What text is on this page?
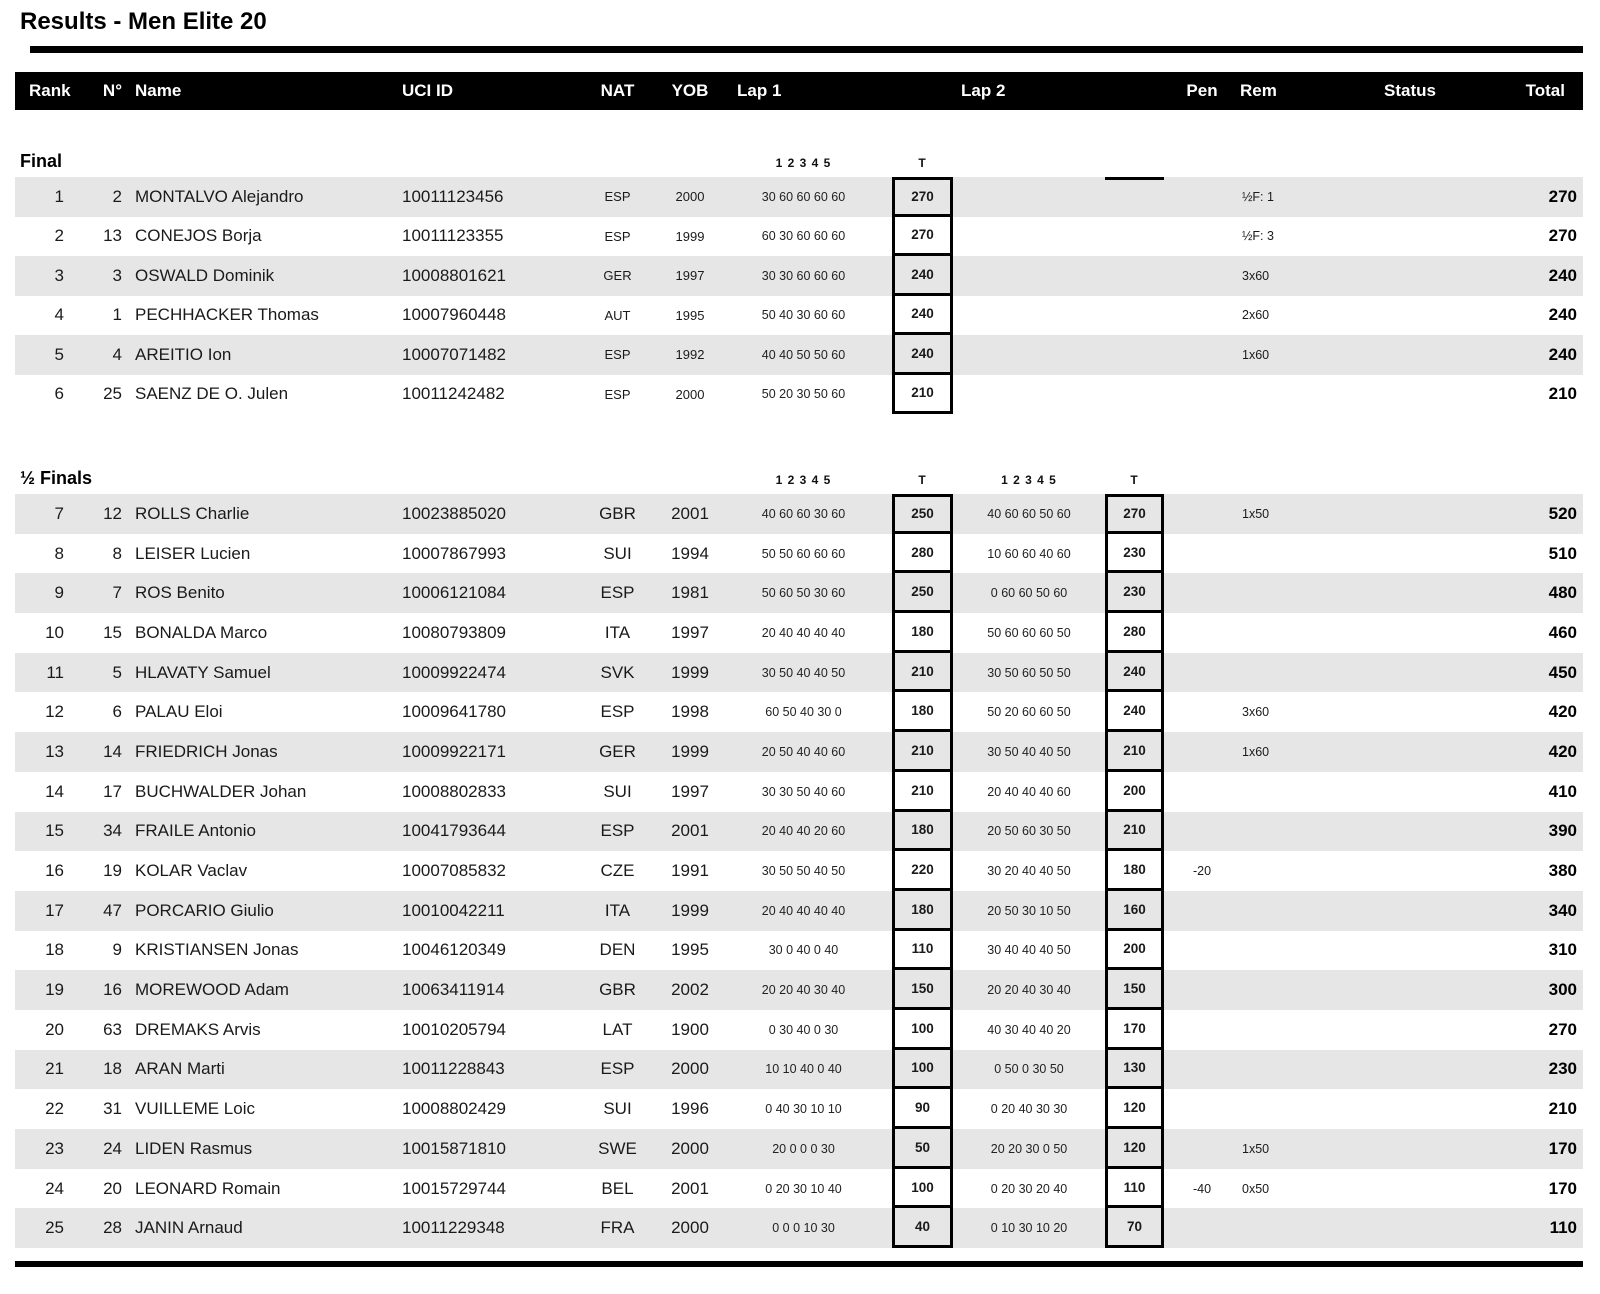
Results - Men Elite 20
Rank	N° Name	UCI ID	NAT	YOB	Lap 1	Lap 2	Pen	Rem	Status	Total
Final	1 2 3 4 5	T
1	2 MONTALVO Alejandro	10011123456	ESP	2000	30 60 60 60 60	270	½F: 1	270
2	13 CONEJOS Borja	10011123355	ESP	1999	60 30 60 60 60	270	½F: 3	270
3	3 OSWALD Dominik	10008801621	GER	1997	30 30 60 60 60	240	3x60	240
4	1 PECHHACKER Thomas	10007960448	AUT	1995	50 40 30 60 60	240	2x60	240
5	4 AREITIO Ion	10007071482	ESP	1992	40 40 50 50 60	240	1x60	240
6	25 SAENZ DE O. Julen	10011242482	ESP	2000	50 20 30 50 60	210	210
½ Finals	1 2 3 4 5	T	1 2 3 4 5	T
7	12 ROLLS Charlie	10023885020	GBR	2001	40 60 60 30 60	250	40 60 60 50 60	270	1x50	520
8	8 LEISER Lucien	10007867993	SUI	1994	50 50 60 60 60	280	10 60 60 40 60	230	510
9	7 ROS Benito	10006121084	ESP	1981	50 60 50 30 60	250	0 60 60 50 60	230	480
10	15 BONALDA Marco	10080793809	ITA	1997	20 40 40 40 40	180	50 60 60 60 50	280	460
11	5 HLAVATY Samuel	10009922474	SVK	1999	30 50 40 40 50	210	30 50 60 50 50	240	450
12	6 PALAU Eloi	10009641780	ESP	1998	60 50 40 30 0	180	50 20 60 60 50	240	3x60	420
13	14 FRIEDRICH Jonas	10009922171	GER	1999	20 50 40 40 60	210	30 50 40 40 50	210	1x60	420
14	17 BUCHWALDER Johan	10008802833	SUI	1997	30 30 50 40 60	210	20 40 40 40 60	200	410
15	34 FRAILE Antonio	10041793644	ESP	2001	20 40 40 20 60	180	20 50 60 30 50	210	390
16	19 KOLAR Vaclav	10007085832	CZE	1991	30 50 50 40 50	220	30 20 40 40 50	180	-20	380
17	47 PORCARIO Giulio	10010042211	ITA	1999	20 40 40 40 40	180	20 50 30 10 50	160	340
18	9 KRISTIANSEN Jonas	10046120349	DEN	1995	30 0 40 0 40	110	30 40 40 40 50	200	310
19	16 MOREWOOD Adam	10063411914	GBR	2002	20 20 40 30 40	150	20 20 40 30 40	150	300
20	63 DREMAKS Arvis	10010205794	LAT	1900	0 30 40 0 30	100	40 30 40 40 20	170	270
21	18 ARAN Marti	10011228843	ESP	2000	10 10 40 0 40	100	0 50 0 30 50	130	230
22	31 VUILLEME Loic	10008802429	SUI	1996	0 40 30 10 10	90	0 20 40 30 30	120	210
23	24 LIDEN Rasmus	10015871810	SWE	2000	20 0 0 0 30	50	20 20 30 0 50	120	1x50	170
24	20 LEONARD Romain	10015729744	BEL	2001	0 20 30 10 40	100	0 20 30 20 40	110	-40	0x50	170
25	28 JANIN Arnaud	10011229348	FRA	2000	0 0 0 10 30	40	0 10 30 10 20	70	110
